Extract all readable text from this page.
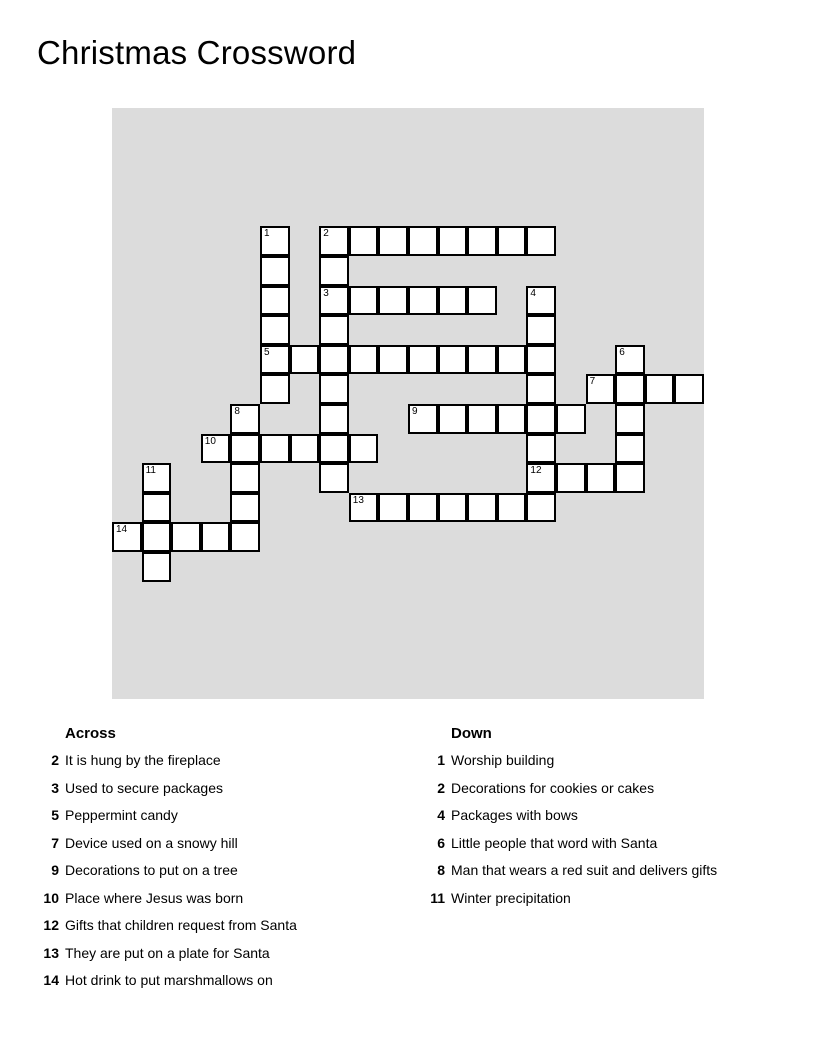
Christmas Crossword
1
5
2
3	4
6
7
8	9
10
11	12
13
14
Across
2 It is hung by the fireplace
3 Used to secure packages
5 Peppermint candy
7 Device used on a snowy hill
9 Decorations to put on a tree
10 Place where Jesus was born
12 Gifts that children request from Santa
13 They are put on a plate for Santa
14 Hot drink to put marshmallows on
Down
1 Worship building
2 Decorations for cookies or cakes
4 Packages with bows
6 Little people that word with Santa
8 Man that wears a red suit and delivers gifts
11 Winter precipitation
